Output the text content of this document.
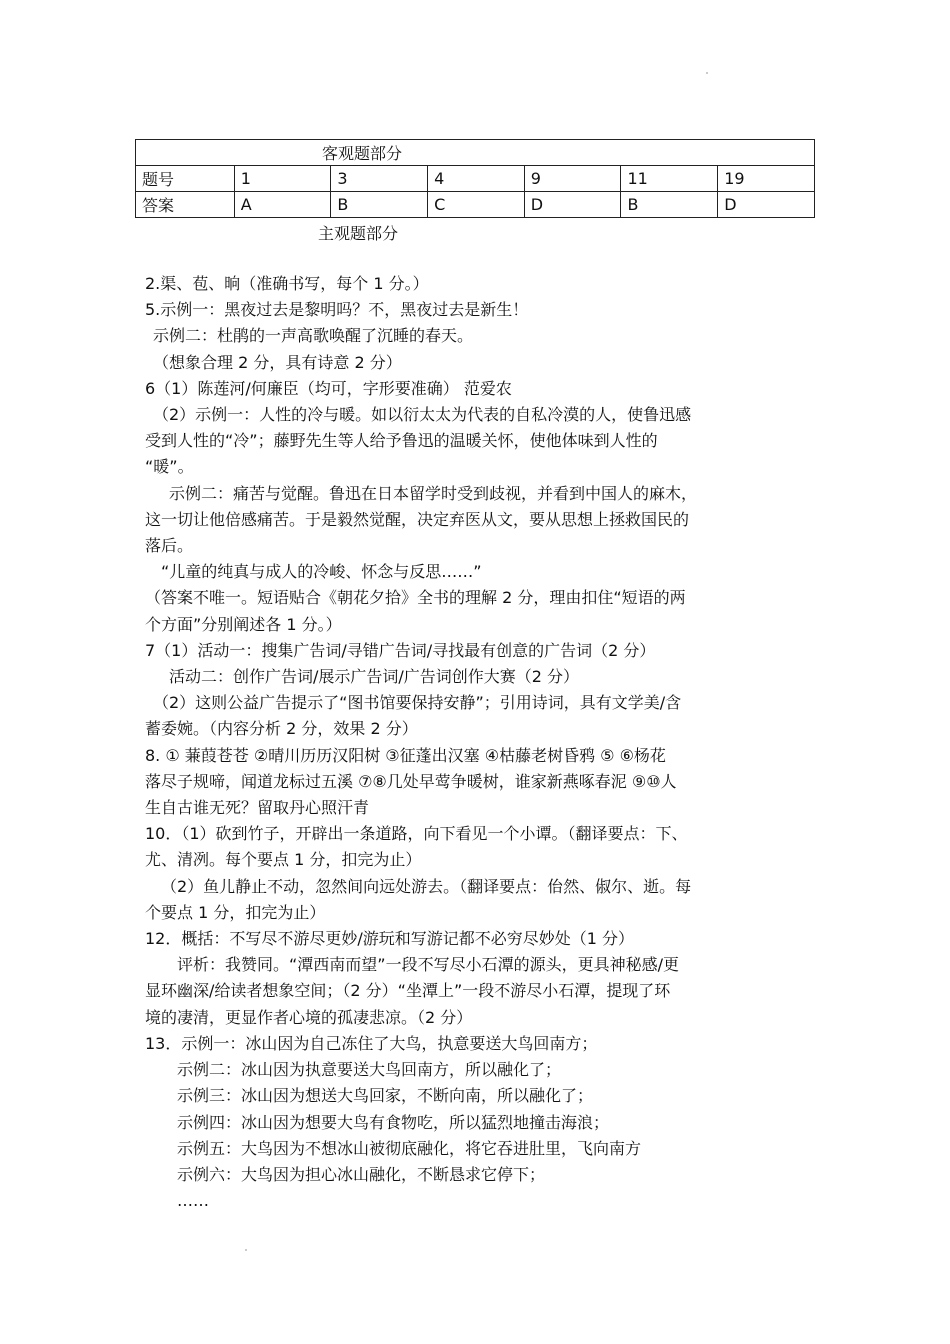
客观题部分						
题号	1	3	4	9	11	19
答案	A	B	C	D	B	D
主观题部分

2.渠、苞、晌（准确书写，每个 1 分。）

5.示例一：黑夜过去是黎明吗？不，黑夜过去是新生！

示例二：杜鹃的一声高歌唤醒了沉睡的春天。

（想象合理 2 分，具有诗意 2 分）

6（1）陈莲河/何廉臣（均可，字形要准确） 范爱农

（2）示例一：人性的冷与暖。如以衍太太为代表的自私冷漠的人，使鲁迅感

受到人性的“冷”；藤野先生等人给予鲁迅的温暖关怀，使他体味到人性的

“暖”。

示例二：痛苦与觉醒。鲁迅在日本留学时受到歧视，并看到中国人的麻木，

这一切让他倍感痛苦。于是毅然觉醒，决定弃医从文，要从思想上拯救国民的

落后。

“儿童的纯真与成人的冷峻、怀念与反思……”

（答案不唯一。短语贴合《朝花夕拾》全书的理解 2 分，理由扣住“短语的两

个方面”分别阐述各 1 分。）

7（1）活动一：搜集广告词/寻错广告词/寻找最有创意的广告词（2 分）

活动二：创作广告词/展示广告词/广告词创作大赛（2 分）

（2）这则公益广告提示了“图书馆要保持安静”；引用诗词，具有文学美/含

蓄委婉。（内容分析 2 分，效果 2 分）

8. ① 蒹葭苍苍 ②晴川历历汉阳树 ③征蓬出汉塞 ④枯藤老树昏鸦 ⑤ ⑥杨花

落尽子规啼，闻道龙标过五溪 ⑦⑧几处早莺争暖树，谁家新燕啄春泥 ⑨⑩人

生自古谁无死？留取丹心照汗青

10．（1）砍到竹子，开辟出一条道路，向下看见一个小谭。（翻译要点：下、

尤、清冽。每个要点 1 分，扣完为止）

（2）鱼儿静止不动，忽然间向远处游去。（翻译要点：佁然、俶尔、逝。每

个要点 1 分，扣完为止）

12．概括：不写尽不游尽更妙/游玩和写游记都不必穷尽妙处（1 分）

评析：我赞同。“潭西南而望”一段不写尽小石潭的源头，更具神秘感/更

显环幽深/给读者想象空间；（2 分）“坐潭上”一段不游尽小石潭，提现了环

境的凄清，更显作者心境的孤凄悲凉。（2 分）

13．示例一：冰山因为自己冻住了大鸟，执意要送大鸟回南方；

示例二：冰山因为执意要送大鸟回南方，所以融化了；

示例三：冰山因为想送大鸟回家，不断向南，所以融化了；

示例四：冰山因为想要大鸟有食物吃，所以猛烈地撞击海浪；

示例五：大鸟因为不想冰山被彻底融化，将它吞进肚里，飞向南方

示例六：大鸟因为担心冰山融化，不断恳求它停下；

……
